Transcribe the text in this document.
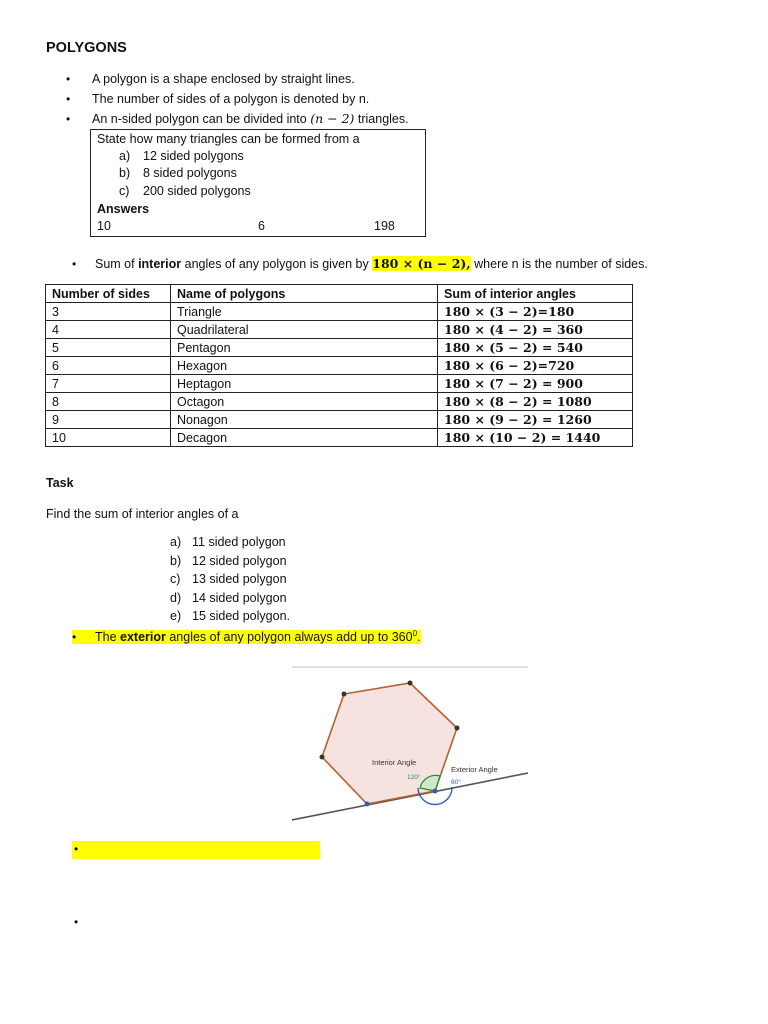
POLYGONS
• A polygon is a shape enclosed by straight lines.
• The number of sides of a polygon is denoted by n.
• An n-sided polygon can be divided into (n − 2) triangles.
State how many triangles can be formed from a
a) 12 sided polygons
b) 8 sided polygons
c) 200 sided polygons
Answers
10	6	198
• Sum of interior angles of any polygon is given by 180 × (n − 2), where n is the number of sides.
Number of sides	Name of polygons	Sum of interior angles
3	Triangle	180 × (3 − 2)=180
4	Quadrilateral	180 × (4 − 2) = 360
5	Pentagon	180 × (5 − 2) = 540
6	Hexagon	180 × (6 − 2)=720
7	Heptagon	180 × (7 − 2) = 900
8	Octagon	180 × (8 − 2) = 1080
9	Nonagon	180 × (9 − 2) = 1260
10	Decagon	180 × (10 − 2) = 1440
Task
Find the sum of interior angles of a
a) 11 sided polygon
b) 12 sided polygon
c) 13 sided polygon
d) 14 sided polygon
e) 15 sided polygon.
• The exterior angles of any polygon always add up to $360^0$.
Interior Angle
120°
Exterior Angle
60°
•
•
